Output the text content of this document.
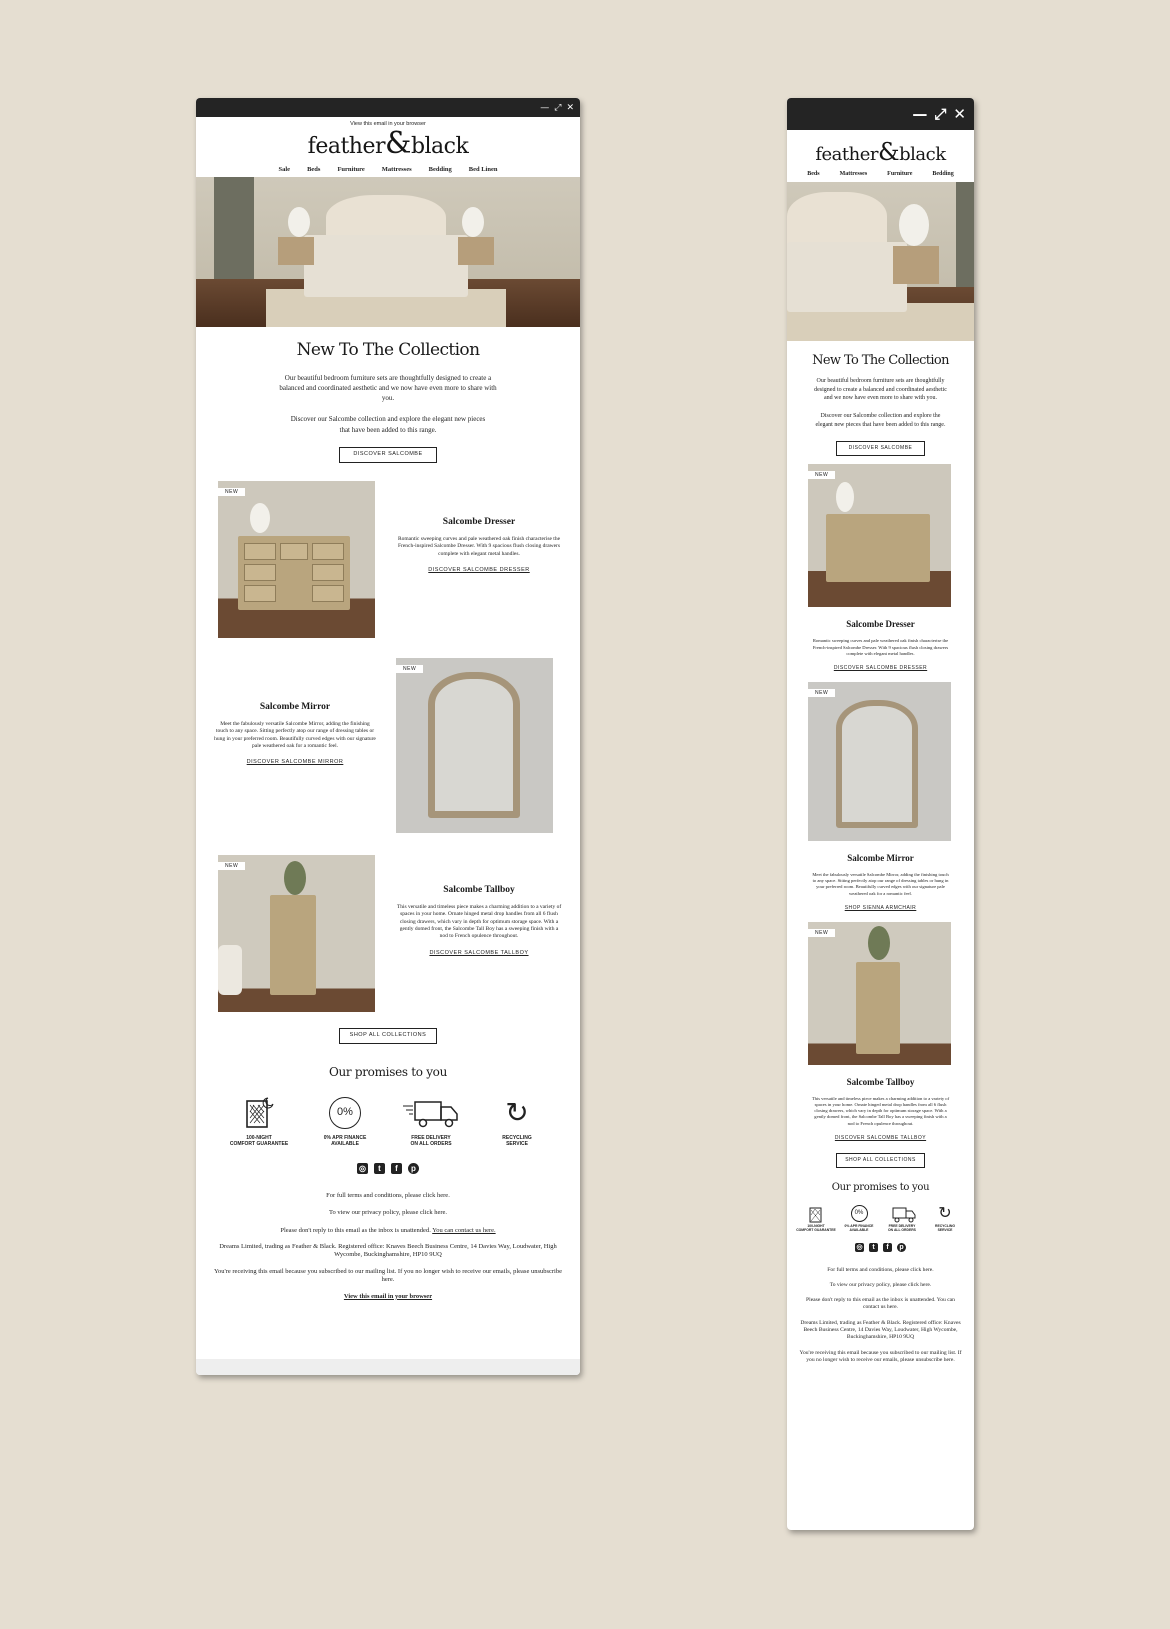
— ⤢ ✕
View this email in your browser
feather&black
Sale	Beds	Furniture	Mattresses	Bedding	Bed Linen
New To The Collection

Our beautiful bedroom furniture sets are thoughtfully designed to create a balanced and coordinated aesthetic and we now have even more to share with you.

Discover our Salcombe collection and explore the elegant new pieces that have been added to this range.

DISCOVER SALCOMBE
NEW
Salcombe Dresser

Romantic sweeping curves and pale weathered oak finish characterise the French-inspired Salcombe Dresser. With 9 spacious flush closing drawers complete with elegant metal handles.

DISCOVER SALCOMBE DRESSER
Salcombe Mirror

Meet the fabulously versatile Salcombe Mirror, adding the finishing touch to any space. Sitting perfectly atop our range of dressing tables or hung in your preferred room. Beautifully curved edges with our signature pale weathered oak for a romantic feel.

DISCOVER SALCOMBE MIRROR
NEW
NEW
Salcombe Tallboy

This versatile and timeless piece makes a charming addition to a variety of spaces in your home. Ornate hinged metal drop handles from all 6 flush closing drawers, which vary in depth for optimum storage space. With a gently domed front, the Salcombe Tall Boy has a sweeping finish with a nod to French opulence throughout.

DISCOVER SALCOMBE TALLBOY
SHOP ALL COLLECTIONS
Our promises to you
100-NIGHT
COMFORT GUARANTEE
0%
0% APR FINANCE
AVAILABLE
FREE DELIVERY
ON ALL ORDERS
↻
RECYCLING
SERVICE
◎	t	f	p

For full terms and conditions, please click here.

To view our privacy policy, please click here.

Please don't reply to this email as the inbox is unattended. You can contact us here.

Dreams Limited, trading as Feather & Black. Registered office: Knaves Beech Business Centre, 14 Davies Way, Loudwater, High Wycombe, Buckinghamshire, HP10 9UQ

You're receiving this email because you subscribed to our mailing list. If you no longer wish to receive our emails, please unsubscribe here.

View this email in your browser

— ⤢ ✕
feather&black
Beds	Mattresses	Furniture	Bedding
New To The Collection

Our beautiful bedroom furniture sets are thoughtfully designed to create a balanced and coordinated aesthetic and we now have even more to share with you.

Discover our Salcombe collection and explore the elegant new pieces that have been added to this range.

DISCOVER SALCOMBE
NEW
Salcombe Dresser

Romantic sweeping curves and pale weathered oak finish characterise the French-inspired Salcombe Dresser. With 9 spacious flush closing drawers complete with elegant metal handles.

DISCOVER SALCOMBE DRESSER
NEW
Salcombe Mirror

Meet the fabulously versatile Salcombe Mirror, adding the finishing touch to any space. Sitting perfectly atop our range of dressing tables or hung in your preferred room. Beautifully curved edges with our signature pale weathered oak for a romantic feel.

SHOP SIENNA ARMCHAIR
NEW
Salcombe Tallboy

This versatile and timeless piece makes a charming addition to a variety of spaces in your home. Ornate hinged metal drop handles from all 6 flush closing drawers, which vary in depth for optimum storage space. With a gently domed front, the Salcombe Tall Boy has a sweeping finish with a nod to French opulence throughout.

DISCOVER SALCOMBE TALLBOY
SHOP ALL COLLECTIONS
Our promises to you
100-NIGHT
COMFORT GUARANTEE
0%
0% APR FINANCE
AVAILABLE
FREE DELIVERY
ON ALL ORDERS
↻
RECYCLING
SERVICE
◎	t	f	p

For full terms and conditions, please click here.

To view our privacy policy, please click here.

Please don't reply to this email as the inbox is unattended. You can contact us here.

Dreams Limited, trading as Feather & Black. Registered office: Knaves Beech Business Centre, 14 Davies Way, Loudwater, High Wycombe, Buckinghamshire, HP10 9UQ

You're receiving this email because you subscribed to our mailing list. If you no longer wish to receive our emails, please unsubscribe here.
